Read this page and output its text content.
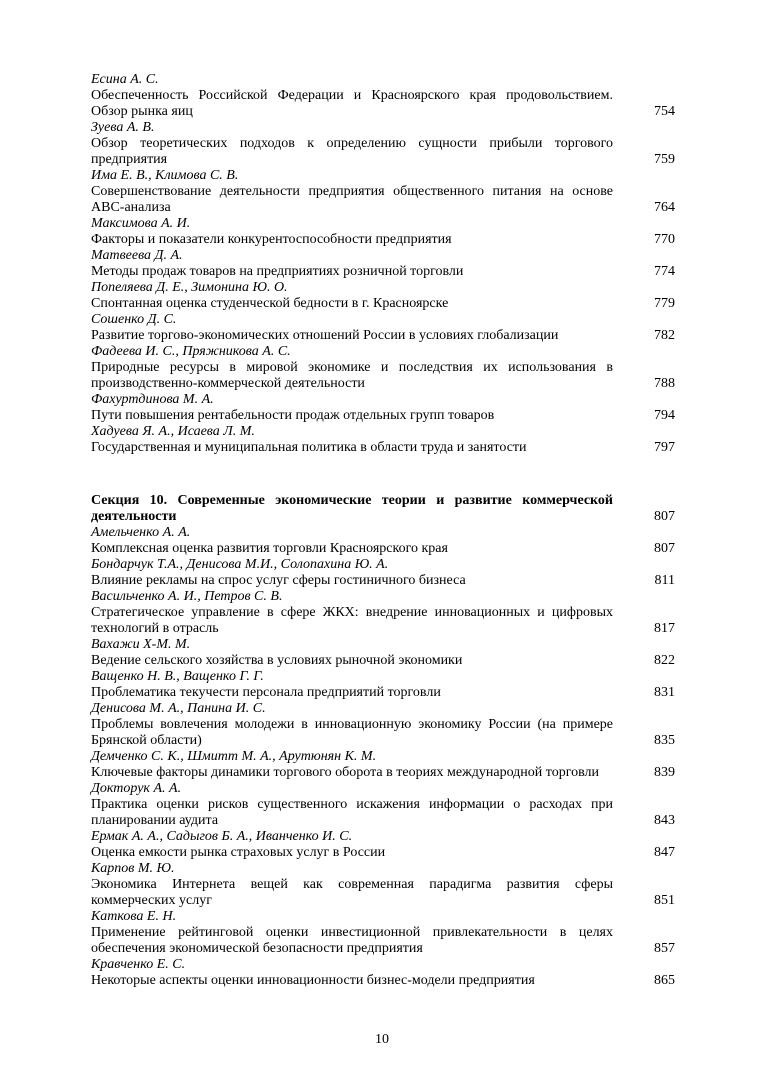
Есина А. С.
Обеспеченность Российской Федерации и Красноярского края продовольствием. Обзор рынка яиц	754
Зуева А. В.
Обзор теоретических подходов к определению сущности прибыли торгового предприятия	759
Има Е. В., Климова С. В.
Совершенствование деятельности предприятия общественного питания на основе ABC-анализа	764
Максимова А. И.
Факторы и показатели конкурентоспособности предприятия	770
Матвеева Д. А.
Методы продаж товаров на предприятиях розничной торговли	774
Попеляева Д. Е., Зимонина Ю. О.
Спонтанная оценка студенческой бедности в г. Красноярске	779
Сошенко Д. С.
Развитие торгово-экономических отношений России в условиях глобализации	782
Фадеева И. С., Пряжникова А. С.
Природные ресурсы в мировой экономике и последствия их использования в производственно-коммерческой деятельности	788
Фахуртдинова М. А.
Пути повышения рентабельности продаж отдельных групп товаров	794
Хадуева Я. А., Исаева Л. М.
Государственная и муниципальная политика в области труда и занятости	797
Секция 10. Современные экономические теории и развитие коммерческой деятельности	807
Амельченко А. А.
Комплексная оценка развития торговли Красноярского края	807
Бондарчук Т.А., Денисова М.И., Солопахина Ю. А.
Влияние рекламы на спрос услуг сферы гостиничного бизнеса	811
Васильченко А. И., Петров С. В.
Стратегическое управление в сфере ЖКХ: внедрение инновационных и цифровых технологий в отрасль	817
Вахажи Х-М. М.
Ведение сельского хозяйства в условиях рыночной экономики	822
Ващенко Н. В., Ващенко Г. Г.
Проблематика текучести персонала предприятий торговли	831
Денисова М. А., Панина И. С.
Проблемы вовлечения молодежи в инновационную экономику России (на примере Брянской области)	835
Демченко С. К., Шмитт М. А., Арутюнян К. М.
Ключевые факторы динамики торгового оборота в теориях международной торговли	839
Докторук А. А.
Практика оценки рисков существенного искажения информации о расходах при планировании аудита	843
Ермак А. А., Садыгов Б. А., Иванченко И. С.
Оценка емкости рынка страховых услуг в России	847
Карпов М. Ю.
Экономика Интернета вещей как современная парадигма развития сферы коммерческих услуг	851
Каткова Е. Н.
Применение рейтинговой оценки инвестиционной привлекательности в целях обеспечения экономической безопасности предприятия	857
Кравченко Е. С.
Некоторые аспекты оценки инновационности бизнес-модели предприятия	865
10
